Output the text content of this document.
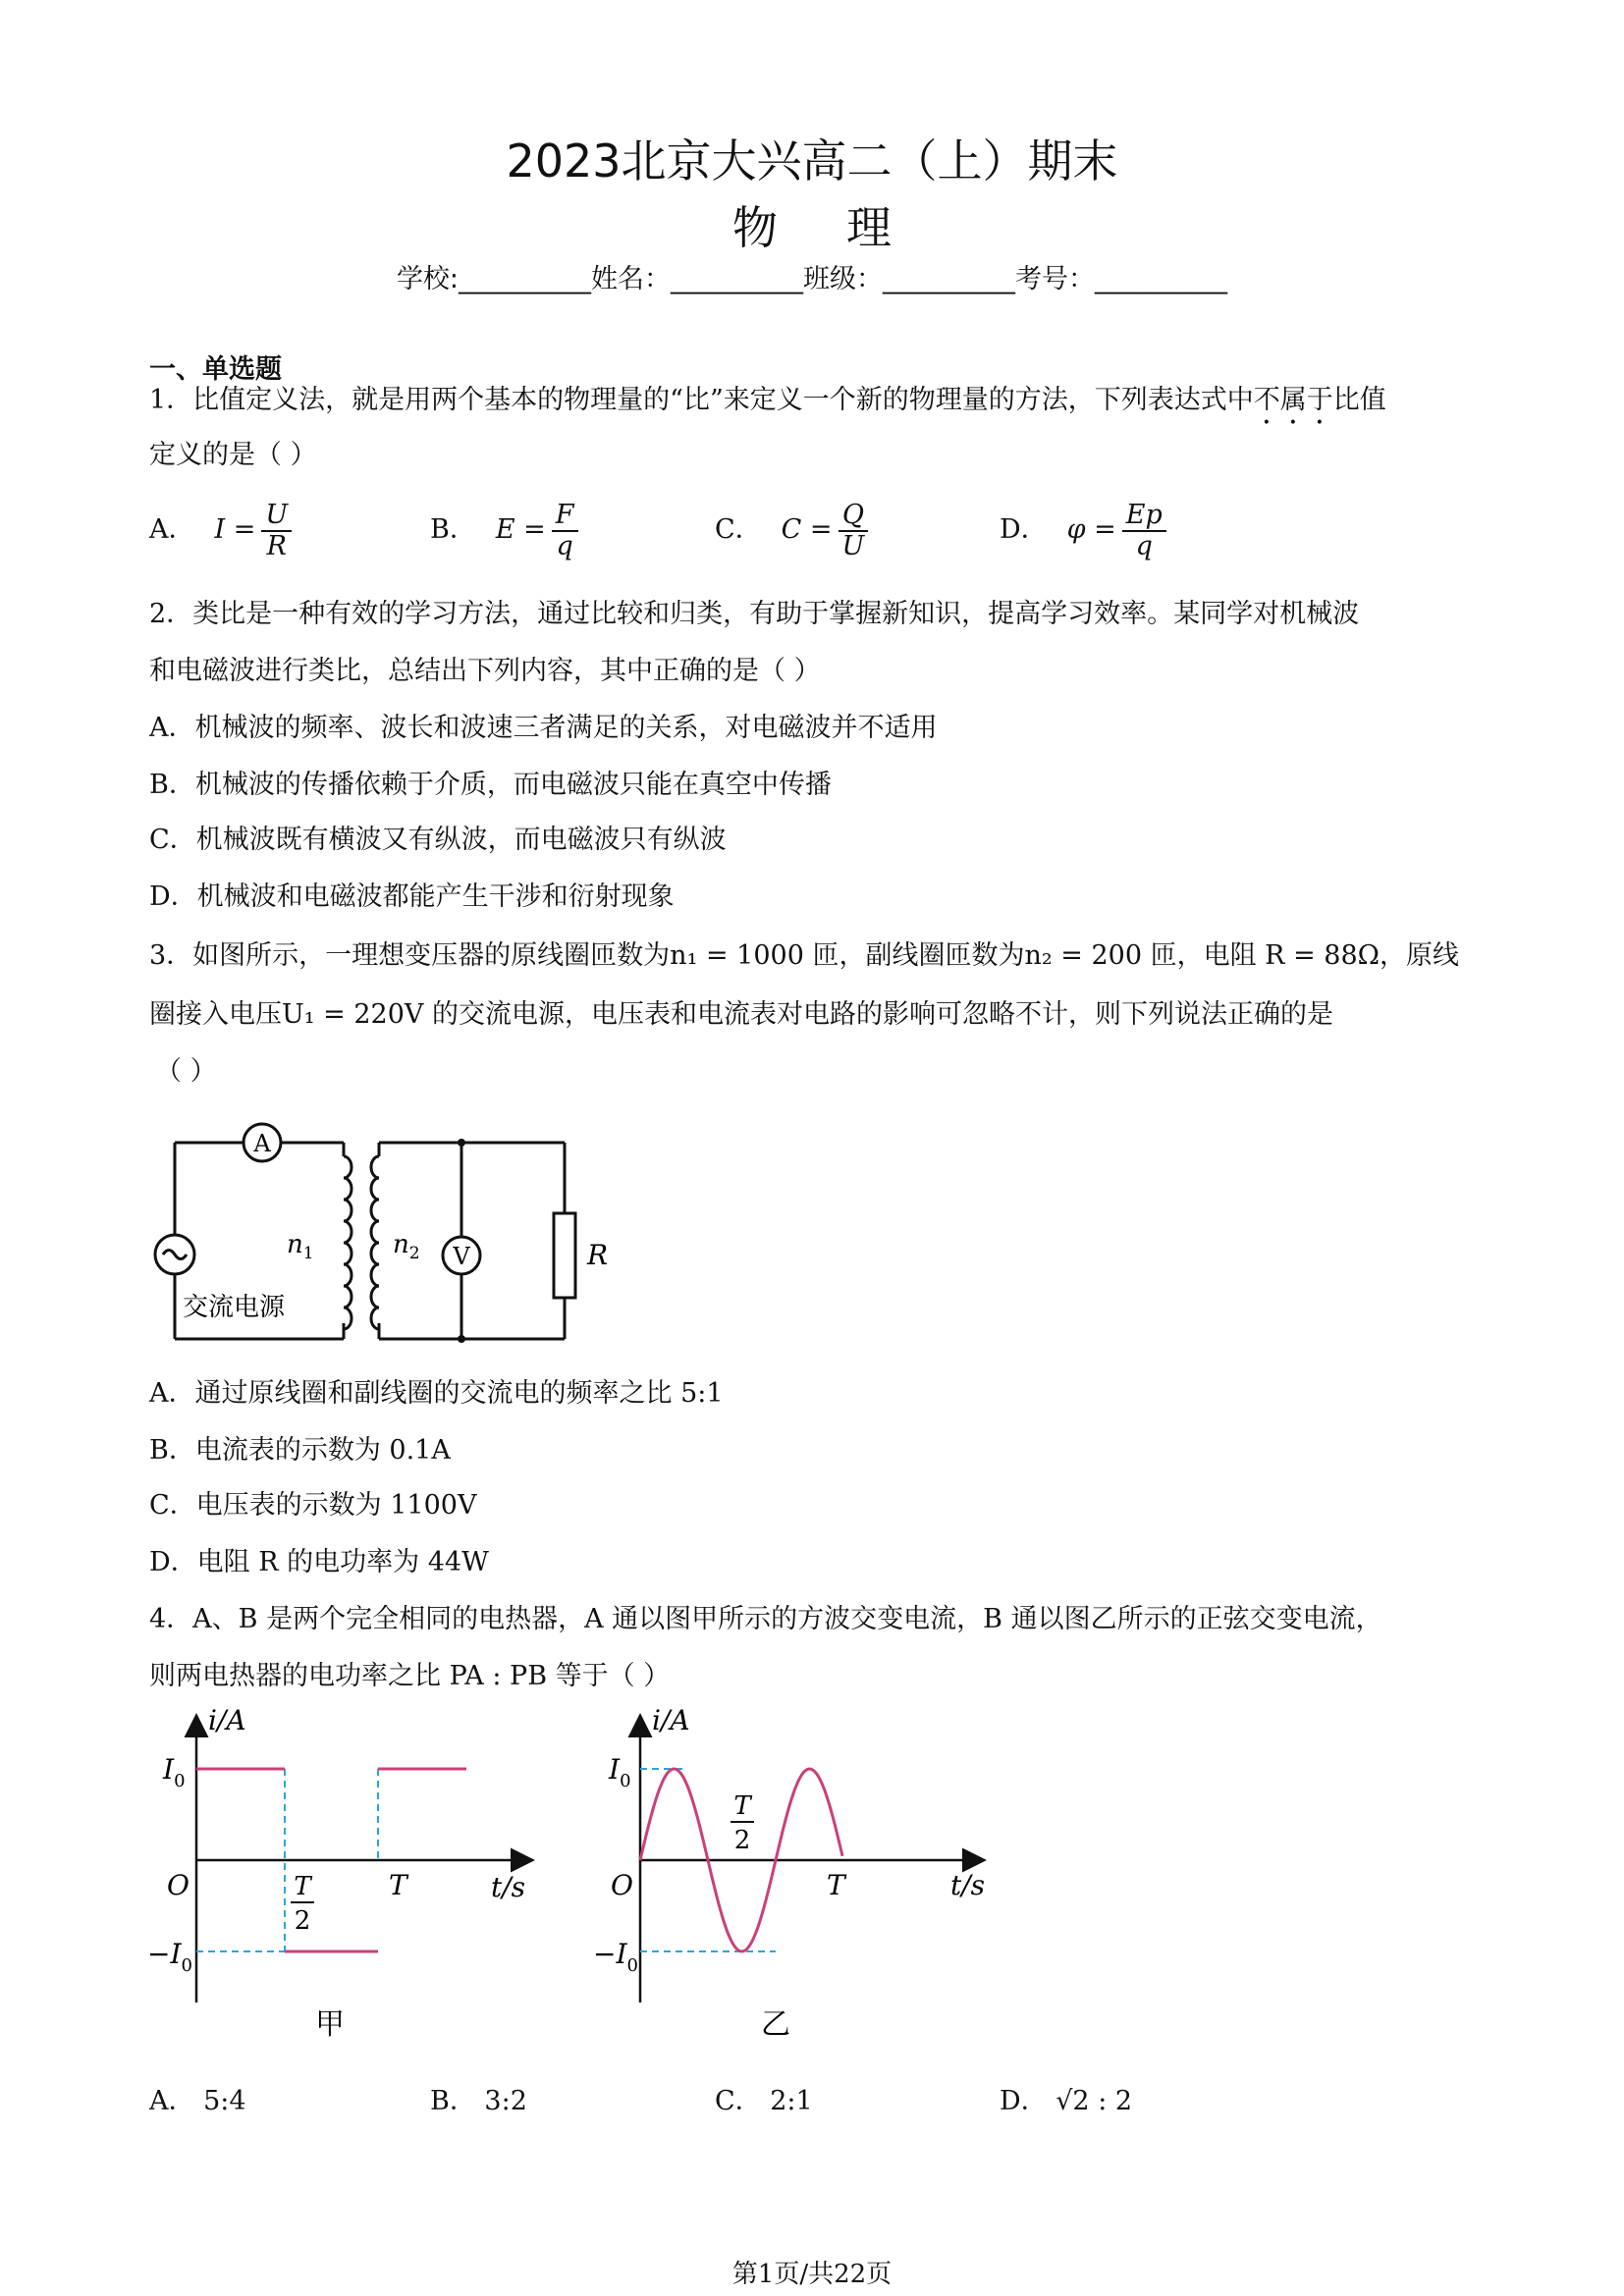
2023北京大兴高二（上）期末
物理
学校:__________姓名：__________班级：__________考号：__________
一、单选题
1．比值定义法，就是用两个基本的物理量的“比”来定义一个新的物理量的方法，下列表达式中不属于比值
定义的是（ ）
A． $I = \frac{U}{R}$	B． $E = \frac{F}{q}$	C． $C = \frac{Q}{U}$	D． $\varphi = \frac{Ep}{q}$
2．类比是一种有效的学习方法，通过比较和归类，有助于掌握新知识，提高学习效率。某同学对机械波
和电磁波进行类比，总结出下列内容，其中正确的是（ ）
A．机械波的频率、波长和波速三者满足的关系，对电磁波并不适用
B．机械波的传播依赖于介质，而电磁波只能在真空中传播
C．机械波既有横波又有纵波，而电磁波只有纵波
D．机械波和电磁波都能产生干涉和衍射现象
3．如图所示，一理想变压器的原线圈匝数为n₁ = 1000 匝，副线圈匝数为n₂ = 200 匝，电阻 R = 88Ω，原线
圈接入电压U₁ = 220V 的交流电源，电压表和电流表对电路的影响可忽略不计，则下列说法正确的是
（ ）
A
V
$n_1$	$n_2$	R
交流电源
A．通过原线圈和副线圈的交流电的频率之比 5:1
B．电流表的示数为 0.1A
C．电压表的示数为 1100V
D．电阻 R 的电功率为 44W
4．A、B 是两个完全相同的电热器，A 通以图甲所示的方波交变电流，B 通以图乙所示的正弦交变电流，
则两电热器的电功率之比 PA : PB 等于（ ）
i/A
t/s
O
$I_0$
$-I_0$
T
2
T
甲
i/A
t/s
O
$I_0$
$-I_0$
T
2
T
乙
A． 5:4	B． 3:2	C． 2:1	D． √2 : 2
第1页/共22页
